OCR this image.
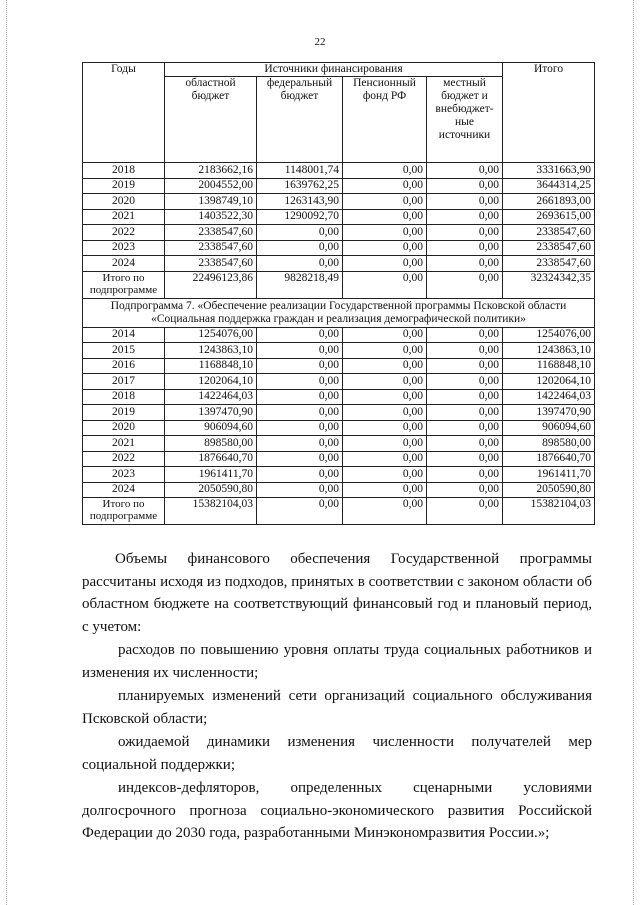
22
Годы	Источники финансирования				Итого
	областной бюджет	федеральный бюджет	Пенсионный фонд РФ	местный бюджет и внебюджет-ные источники	
2018	2183662,16	1148001,74	0,00	0,00	3331663,90
2019	2004552,00	1639762,25	0,00	0,00	3644314,25
2020	1398749,10	1263143,90	0,00	0,00	2661893,00
2021	1403522,30	1290092,70	0,00	0,00	2693615,00
2022	2338547,60	0,00	0,00	0,00	2338547,60
2023	2338547,60	0,00	0,00	0,00	2338547,60
2024	2338547,60	0,00	0,00	0,00	2338547,60
Итого по подпрограмме	22496123,86	9828218,49	0,00	0,00	32324342,35
Подпрограмма 7. «Обеспечение реализации Государственной программы Псковской области «Социальная поддержка граждан и реализация демографической политики»					
2014	1254076,00	0,00	0,00	0,00	1254076,00
2015	1243863,10	0,00	0,00	0,00	1243863,10
2016	1168848,10	0,00	0,00	0,00	1168848,10
2017	1202064,10	0,00	0,00	0,00	1202064,10
2018	1422464,03	0,00	0,00	0,00	1422464,03
2019	1397470,90	0,00	0,00	0,00	1397470,90
2020	906094,60	0,00	0,00	0,00	906094,60
2021	898580,00	0,00	0,00	0,00	898580,00
2022	1876640,70	0,00	0,00	0,00	1876640,70
2023	1961411,70	0,00	0,00	0,00	1961411,70
2024	2050590,80	0,00	0,00	0,00	2050590,80
Итого по подпрограмме	15382104,03	0,00	0,00	0,00	15382104,03

Объемы финансового обеспечения Государственной программы рассчитаны исходя из подходов, принятых в соответствии с законом области об областном бюджете на соответствующий финансовый год и плановый период, с учетом:

расходов по повышению уровня оплаты труда социальных работников и изменения их численности;

планируемых изменений сети организаций социального обслуживания Псковской области;

ожидаемой динамики изменения численности получателей мер социальной поддержки;

индексов-дефляторов, определенных сценарными условиями долгосрочного прогноза социально-экономического развития Российской Федерации до 2030 года, разработанными Минэкономразвития России.»;
